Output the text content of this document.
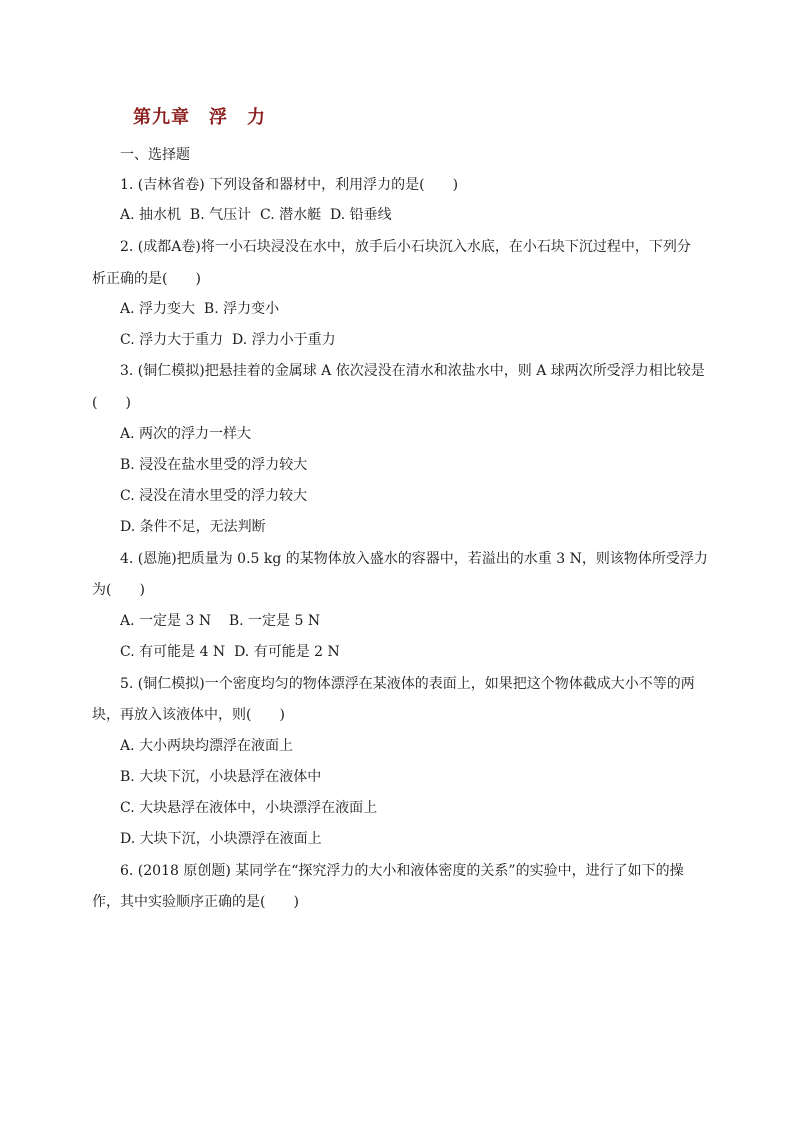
第九章　浮　力
一、选择题
1. (吉林省卷) 下列设备和器材中，利用浮力的是(　　)
A. 抽水机  B. 气压计  C. 潜水艇  D. 铅垂线
2. (成都A卷)将一小石块浸没在水中，放手后小石块沉入水底，在小石块下沉过程中，下列分
析正确的是(　　)
A. 浮力变大  B. 浮力变小
C. 浮力大于重力  D. 浮力小于重力
3. (铜仁模拟)把悬挂着的金属球 A 依次浸没在清水和浓盐水中，则 A 球两次所受浮力相比较是
(　　)
A. 两次的浮力一样大
B. 浸没在盐水里受的浮力较大
C. 浸没在清水里受的浮力较大
D. 条件不足，无法判断
4. (恩施)把质量为 0.5 kg 的某物体放入盛水的容器中，若溢出的水重 3 N，则该物体所受浮力
为(　　)
A. 一定是 3 N    B. 一定是 5 N
C. 有可能是 4 N  D. 有可能是 2 N
5. (铜仁模拟)一个密度均匀的物体漂浮在某液体的表面上，如果把这个物体截成大小不等的两
块，再放入该液体中，则(　　)
A. 大小两块均漂浮在液面上
B. 大块下沉，小块悬浮在液体中
C. 大块悬浮在液体中，小块漂浮在液面上
D. 大块下沉，小块漂浮在液面上
6. (2018 原创题) 某同学在“探究浮力的大小和液体密度的关系”的实验中，进行了如下的操
作，其中实验顺序正确的是(　　)
